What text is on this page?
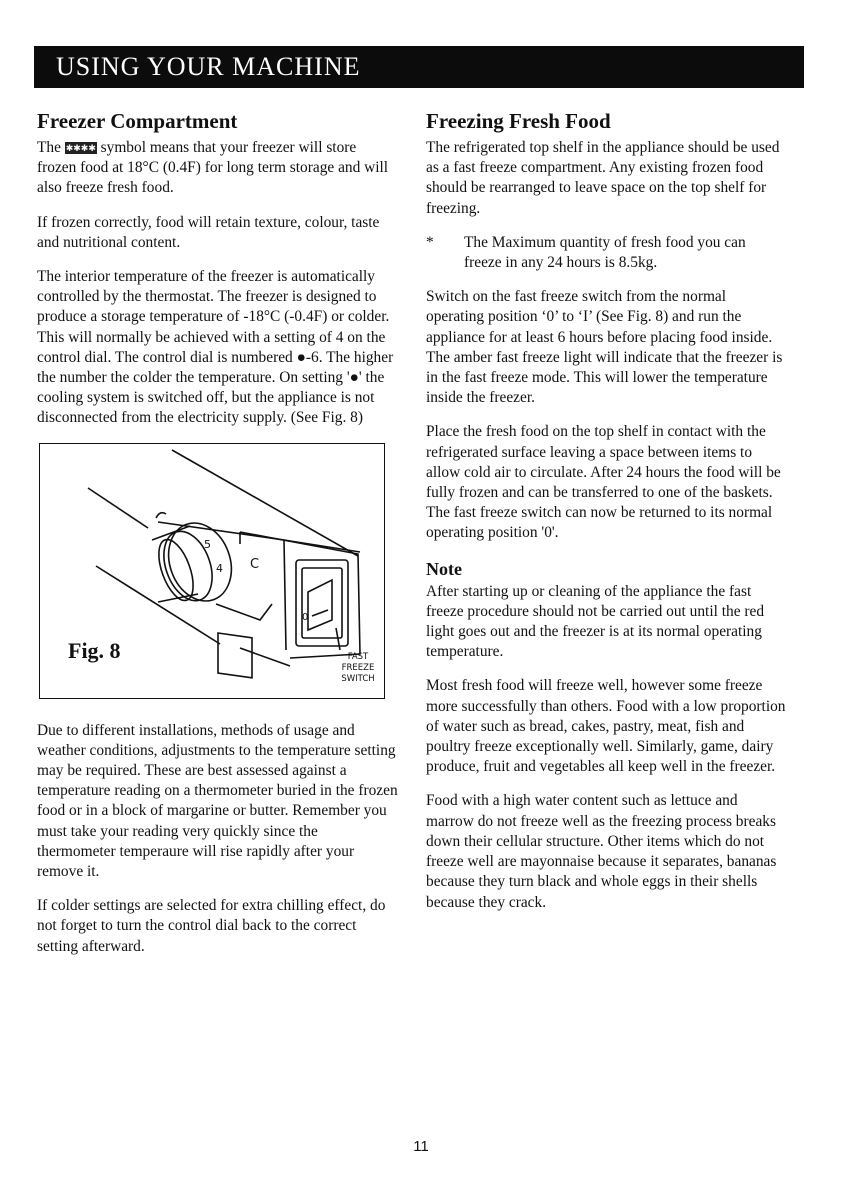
USING YOUR MACHINE
Freezer Compartment

The ✱✱✱✱ symbol means that your freezer will store frozen food at 18°C (0.4F) for long term storage and will also freeze fresh food.

If frozen correctly, food will retain texture, colour, taste and nutritional content.

The interior temperature of the freezer is automatically controlled by the thermostat. The freezer is designed to produce a storage temperature of -18°C (-0.4F) or colder. This will normally be achieved with a setting of 4 on the control dial. The control dial is numbered ●-6. The higher the number the colder the temperature. On setting '●' the cooling system is switched off, but the appliance is not disconnected from the electricity supply. (See Fig. 8)

5
4 C
0
Fig. 8	FAST
FREEZE
SWITCH

Due to different installations, methods of usage and weather conditions, adjustments to the temperature setting may be required. These are best assessed against a temperature reading on a thermometer buried in the frozen food or in a block of margarine or butter. Remember you must take your reading very quickly since the thermometer temperaure will rise rapidly after your remove it.

If colder settings are selected for extra chilling effect, do not forget to turn the control dial back to the correct setting afterward.

Freezing Fresh Food

The refrigerated top shelf in the appliance should be used as a fast freeze compartment. Any existing frozen food should be rearranged to leave space on the top shelf for freezing.

* The Maximum quantity of fresh food you can freeze in any 24 hours is 8.5kg.

Switch on the fast freeze switch from the normal operating position ‘0’ to ‘I’ (See Fig. 8) and run the appliance for at least 6 hours before placing food inside. The amber fast freeze light will indicate that the freezer is in the fast freeze mode. This will lower the temperature inside the freezer.

Place the fresh food on the top shelf in contact with the refrigerated surface leaving a space between items to allow cold air to circulate. After 24 hours the food will be fully frozen and can be transferred to one of the baskets. The fast freeze switch can now be returned to its normal operating position '0'.

Note

After starting up or cleaning of the appliance the fast freeze procedure should not be carried out until the red light goes out and the freezer is at its normal operating temperature.

Most fresh food will freeze well, however some freeze more successfully than others. Food with a low proportion of water such as bread, cakes, pastry, meat, fish and poultry freeze exceptionally well. Similarly, game, dairy produce, fruit and vegetables all keep well in the freezer.

Food with a high water content such as lettuce and marrow do not freeze well as the freezing process breaks down their cellular structure. Other items which do not freeze well are mayonnaise because it separates, bananas because they turn black and whole eggs in their shells because they crack.

11
